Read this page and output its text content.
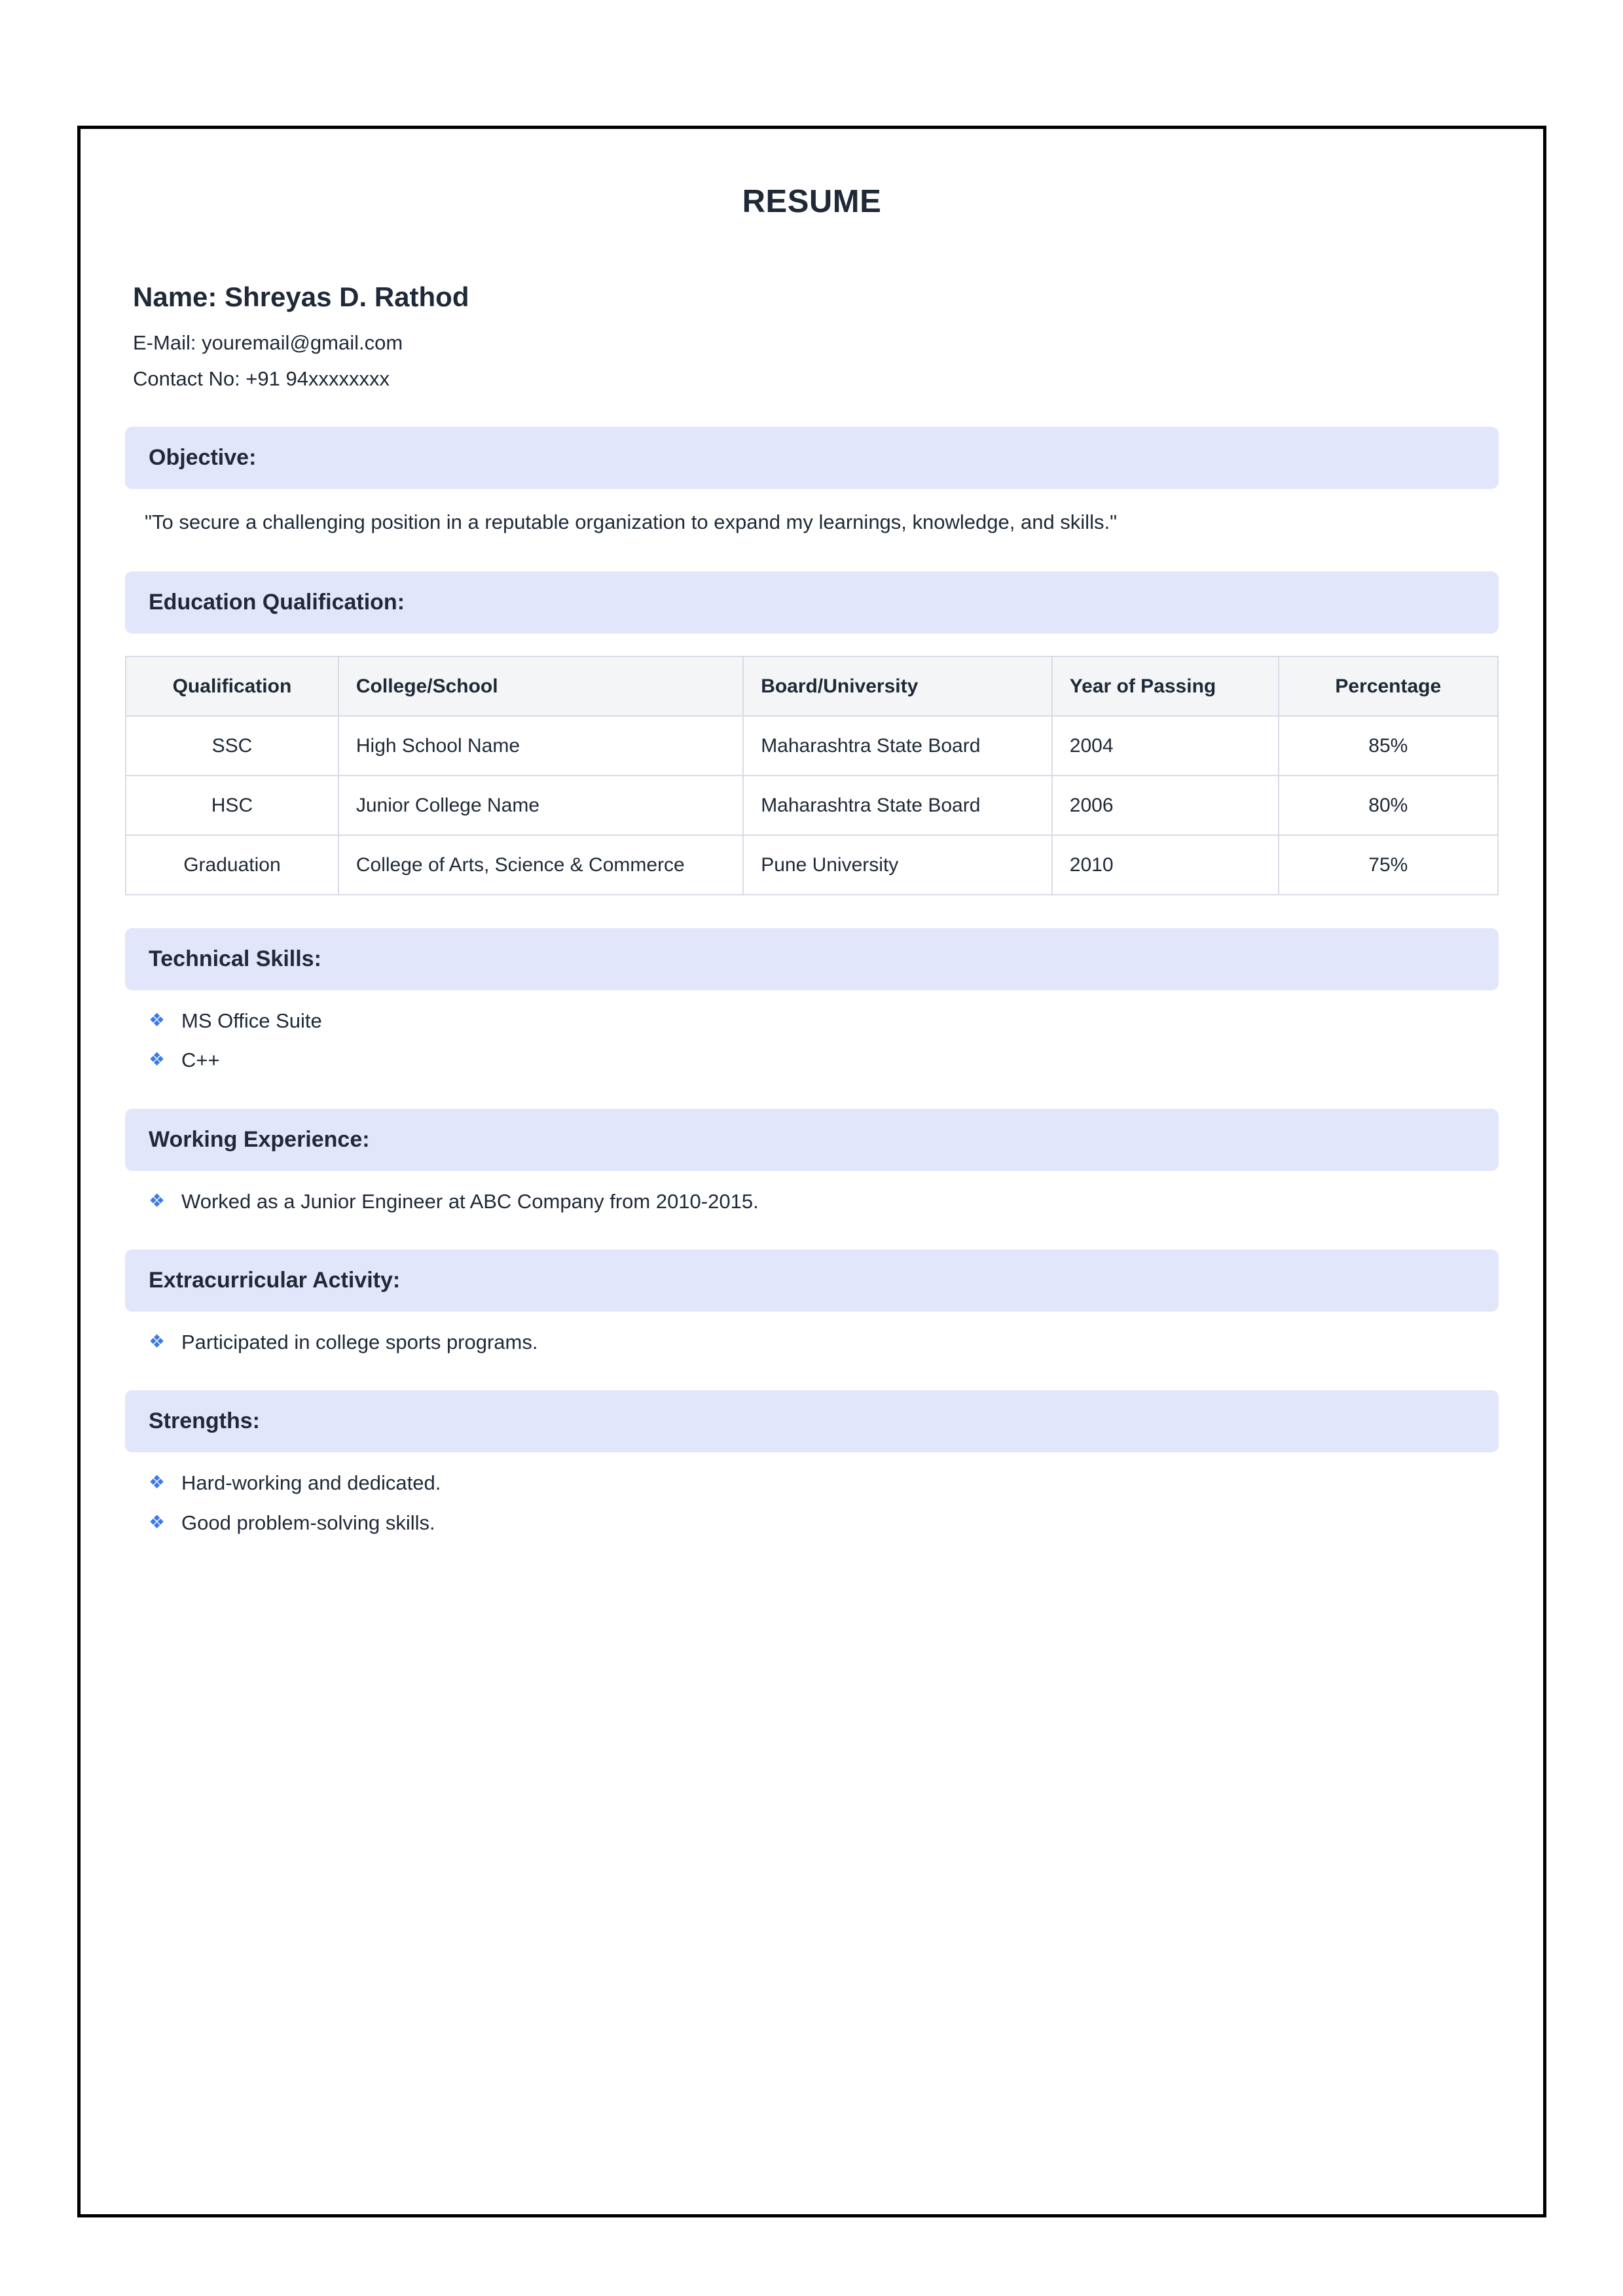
RESUME
Name: Shreyas D. Rathod
E-Mail: youremail@gmail.com
Contact No: +91 94xxxxxxxx
Objective:
"To secure a challenging position in a reputable organization to expand my learnings, knowledge, and skills."
Education Qualification:
Qualification	College/School	Board/University	Year of Passing	Percentage
SSC	High School Name	Maharashtra State Board	2004	85%
HSC	Junior College Name	Maharashtra State Board	2006	80%
Graduation	College of Arts, Science & Commerce	Pune University	2010	75%
Technical Skills:
❖ MS Office Suite
❖ C++
Working Experience:
❖ Worked as a Junior Engineer at ABC Company from 2010-2015.
Extracurricular Activity:
❖ Participated in college sports programs.
Strengths:
❖ Hard-working and dedicated.
❖ Good problem-solving skills.
